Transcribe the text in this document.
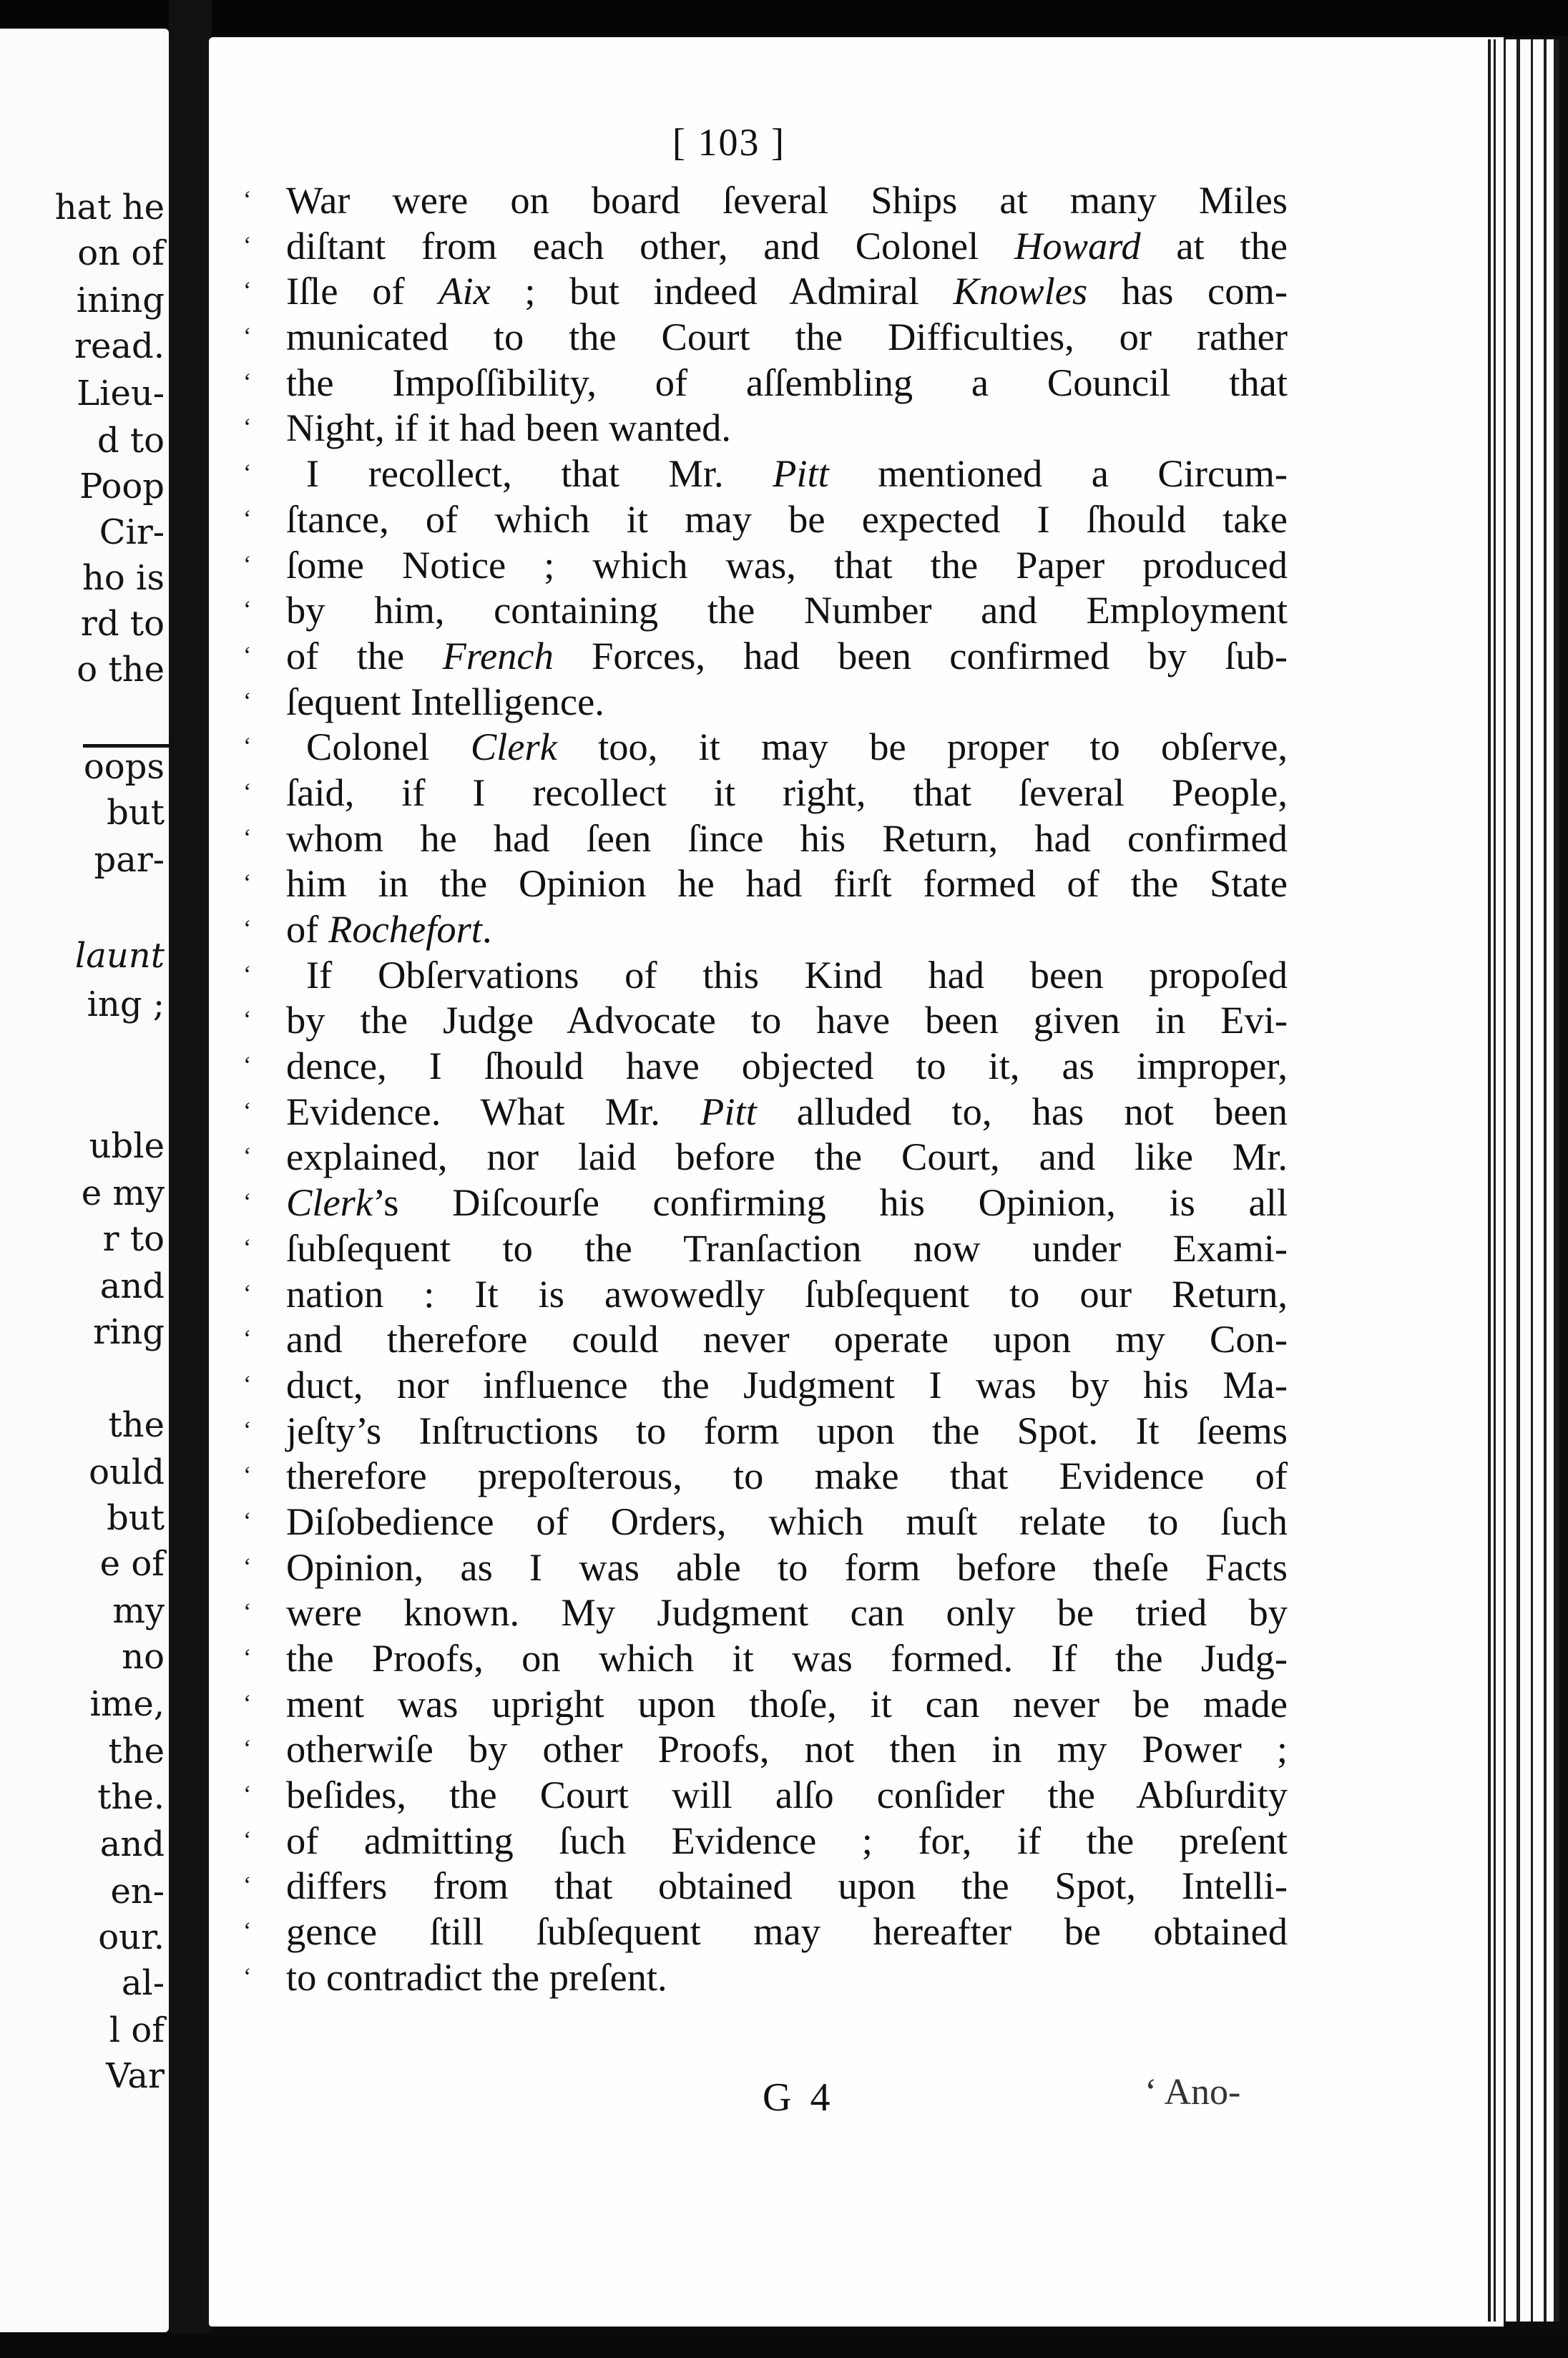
hat he
on of
ining
read.
Lieu-
d to
Poop
Cir-
ho is
rd to
o the
oops
but
par-
launt
ing ;
uble
e my
r to
and
ring
the
ould
but
e of
my
no
ime,
the
the.
and
en-
our.
al-
l of
Var
[ 103 ]
‘ War were on board ſeveral Ships at many Miles
‘ diſtant from each other, and Colonel Howard at the
‘ Iſle of Aix ; but indeed Admiral Knowles has com-
‘ municated to the Court the Difficulties, or rather
‘ the Impoſſibility, of aſſembling a Council that
‘ Night, if it had been wanted.
‘ I recollect, that Mr. Pitt mentioned a Circum-
‘ ſtance, of which it may be expected I ſhould take
‘ ſome Notice ; which was, that the Paper produced
‘ by him, containing the Number and Employment
‘ of the French Forces, had been confirmed by ſub-
‘ ſequent Intelligence.
‘ Colonel Clerk too, it may be proper to obſerve,
‘ ſaid, if I recollect it right, that ſeveral People,
‘ whom he had ſeen ſince his Return, had confirmed
‘ him in the Opinion he had firſt formed of the State
‘ of Rochefort.
‘ If Obſervations of this Kind had been propoſed
‘ by the Judge Advocate to have been given in Evi-
‘ dence, I ſhould have objected to it, as improper,
‘ Evidence. What Mr. Pitt alluded to, has not been
‘ explained, nor laid before the Court, and like Mr.
‘ Clerk’s Diſcourſe confirming his Opinion, is all
‘ ſubſequent to the Tranſaction now under Exami-
‘ nation : It is awowedly ſubſequent to our Return,
‘ and therefore could never operate upon my Con-
‘ duct, nor influence the Judgment I was by his Ma-
‘ jeſty’s Inſtructions to form upon the Spot. It ſeems
‘ therefore prepoſterous, to make that Evidence of
‘ Diſobedience of Orders, which muſt relate to ſuch
‘ Opinion, as I was able to form before theſe Facts
‘ were known. My Judgment can only be tried by
‘ the Proofs, on which it was formed. If the Judg-
‘ ment was upright upon thoſe, it can never be made
‘ otherwiſe by other Proofs, not then in my Power ;
‘ beſides, the Court will alſo conſider the Abſurdity
‘ of admitting ſuch Evidence ; for, if the preſent
‘ differs from that obtained upon the Spot, Intelli-
‘ gence ſtill ſubſequent may hereafter be obtained
‘ to contradict the preſent.
G 4	‘ Ano-
